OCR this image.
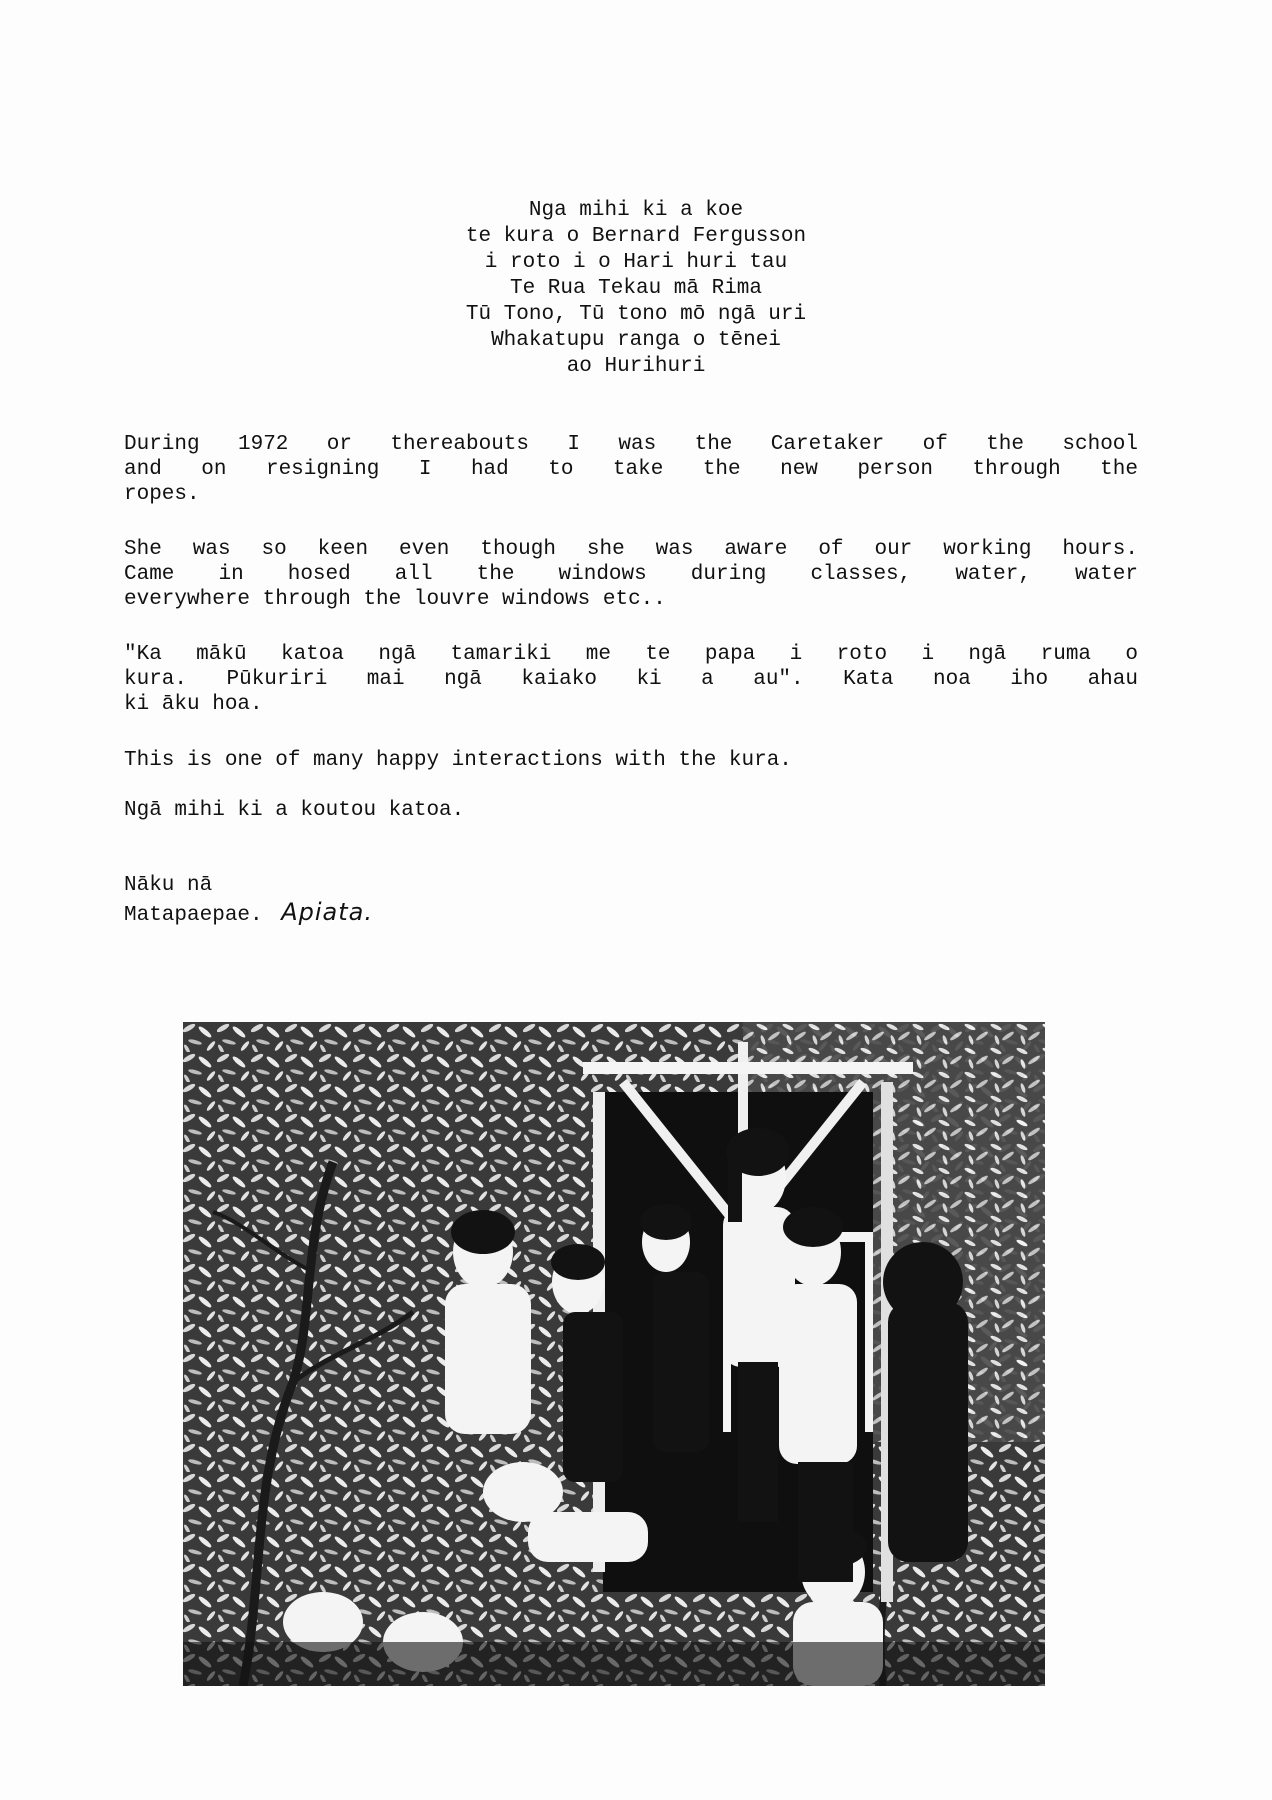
Nga mihi ki a koe
te kura o Bernard Fergusson
i roto i o Hari huri tau
Te Rua Tekau mā Rima
Tū Tono, Tū tono mō ngā uri
Whakatupu ranga o tēnei
ao Hurihuri
During 1972 or thereabouts I was the Caretaker of the school
and on resigning I had to take the new person through the
ropes.
She was so keen even though she was aware of our working hours.
Came in hosed all the windows during classes, water, water
everywhere through the louvre windows etc..
"Ka mākū katoa ngā tamariki me te papa i roto i ngā ruma o
kura. Pūkuriri mai ngā kaiako ki a au". Kata noa iho ahau
ki āku hoa.
This is one of many happy interactions with the kura.
Ngā mihi ki a koutou katoa.
Nāku nā
Matapaepae. Apiata.
